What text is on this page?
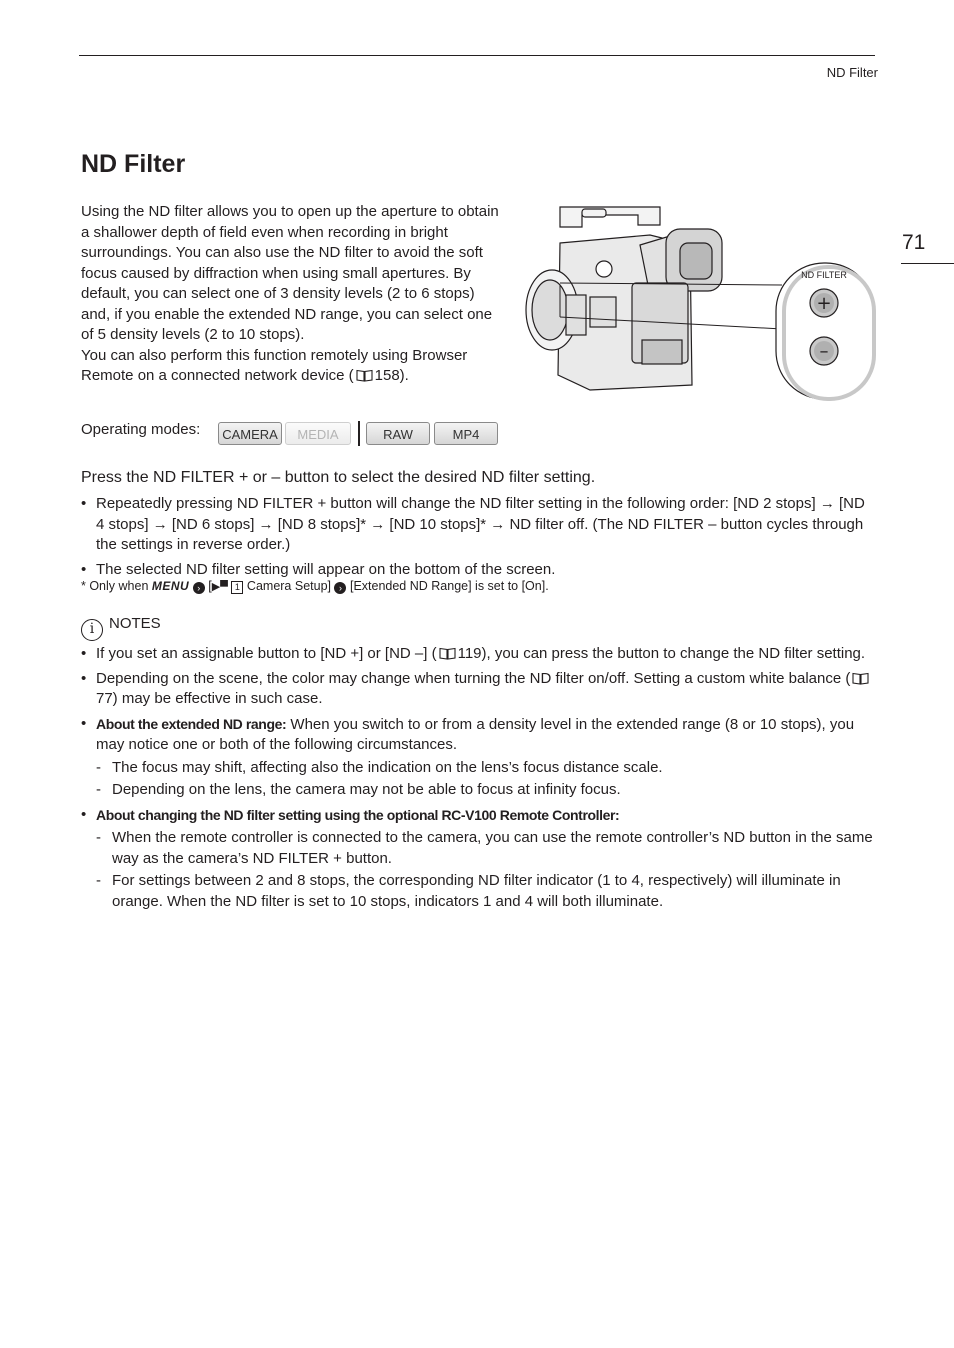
ND Filter
71
ND Filter

Using the ND filter allows you to open up the aperture to obtain a shallower depth of field even when recording in bright surroundings. You can also use the ND filter to avoid the soft focus caused by diffraction when using small apertures. By default, you can select one of 3 density levels (2 to 6 stops) and, if you enable the extended ND range, you can select one of 5 density levels (2 to 10 stops).
You can also perform this function remotely using Browser Remote on a connected network device ( 158).

ND FILTER
+
–
Operating modes:	CAMERA	MEDIA	RAW	MP4
Press the ND FILTER + or – button to select the desired ND filter setting.
• Repeatedly pressing ND FILTER + button will change the ND filter setting in the following order: [ND 2 stops] → [ND 4 stops] → [ND 6 stops] → [ND 8 stops]* → [ND 10 stops]* → ND filter off. (The ND FILTER – button cycles through the settings in reverse order.)
• The selected ND filter setting will appear on the bottom of the screen.
* Only when MENU › [▶▀ 1 Camera Setup] › [Extended ND Range] is set to [On].
i NOTES
• If you set an assignable button to [ND +] or [ND –] ( 119), you can press the button to change the ND filter setting.
• Depending on the scene, the color may change when turning the ND filter on/off. Setting a custom white balance (77) may be effective in such case.
• About the extended ND range: When you switch to or from a density level in the extended range (8 or 10 stops), you may notice one or both of the following circumstances.
- The focus may shift, affecting also the indication on the lens’s focus distance scale.
- Depending on the lens, the camera may not be able to focus at infinity focus.
• About changing the ND filter setting using the optional RC-V100 Remote Controller:
- When the remote controller is connected to the camera, you can use the remote controller’s ND button in the same way as the camera’s ND FILTER + button.
- For settings between 2 and 8 stops, the corresponding ND filter indicator (1 to 4, respectively) will illuminate in orange. When the ND filter is set to 10 stops, indicators 1 and 4 will both illuminate.
